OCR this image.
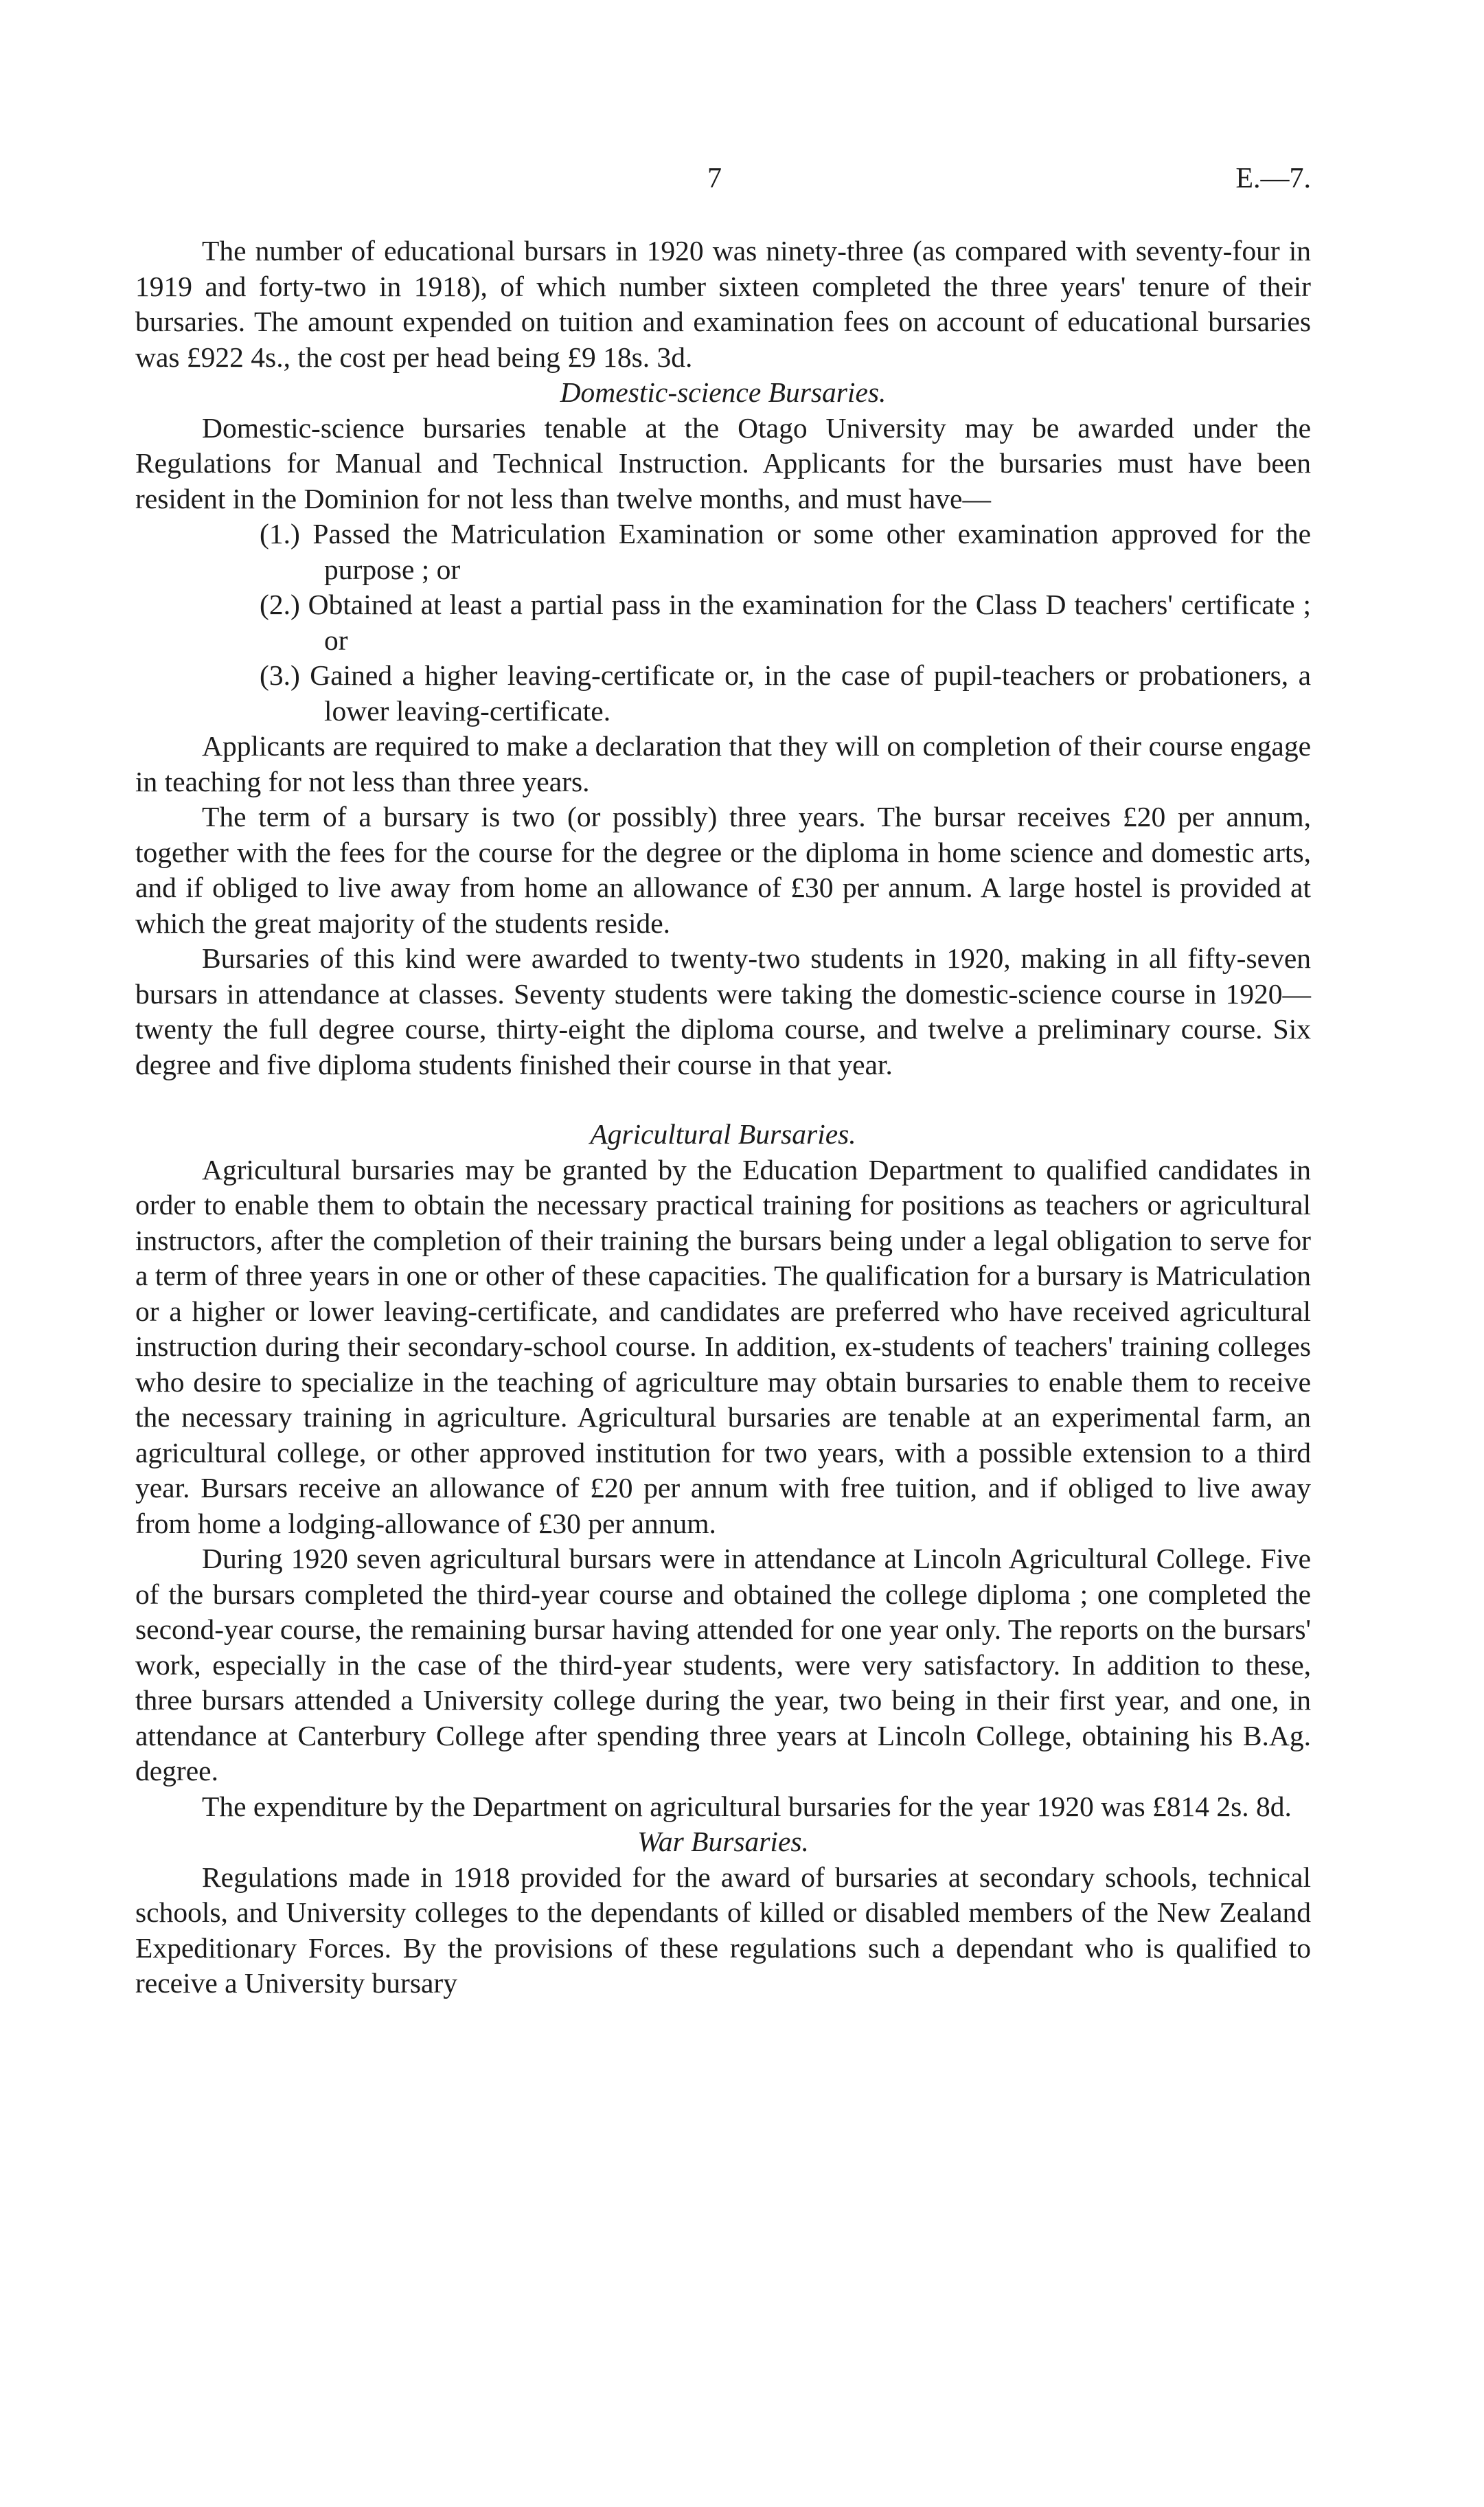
7	E.—7.

The number of educational bursars in 1920 was ninety-three (as compared with seventy-four in 1919 and forty-two in 1918), of which number sixteen completed the three years' tenure of their bursaries. The amount expended on tuition and examination fees on account of educational bursaries was £922 4s., the cost per head being £9 18s. 3d.

Domestic-science Bursaries.

Domestic-science bursaries tenable at the Otago University may be awarded under the Regulations for Manual and Technical Instruction. Applicants for the bursaries must have been resident in the Dominion for not less than twelve months, and must have—

(1.) Passed the Matriculation Examination or some other examination approved for the purpose ; or

(2.) Obtained at least a partial pass in the examination for the Class D teachers' certificate ; or

(3.) Gained a higher leaving-certificate or, in the case of pupil-teachers or probationers, a lower leaving-certificate.

Applicants are required to make a declaration that they will on completion of their course engage in teaching for not less than three years.

The term of a bursary is two (or possibly) three years. The bursar receives £20 per annum, together with the fees for the course for the degree or the diploma in home science and domestic arts, and if obliged to live away from home an allowance of £30 per annum. A large hostel is provided at which the great majority of the students reside.

Bursaries of this kind were awarded to twenty-two students in 1920, making in all fifty-seven bursars in attendance at classes. Seventy students were taking the domestic-science course in 1920—twenty the full degree course, thirty-eight the diploma course, and twelve a preliminary course. Six degree and five diploma students finished their course in that year.

Agricultural Bursaries.

Agricultural bursaries may be granted by the Education Department to qualified candidates in order to enable them to obtain the necessary practical training for positions as teachers or agricultural instructors, after the completion of their training the bursars being under a legal obligation to serve for a term of three years in one or other of these capacities. The qualification for a bursary is Matriculation or a higher or lower leaving-certificate, and candidates are preferred who have received agricultural instruction during their secondary-school course. In addition, ex-students of teachers' training colleges who desire to specialize in the teaching of agriculture may obtain bursaries to enable them to receive the necessary training in agriculture. Agricultural bursaries are tenable at an experimental farm, an agricultural college, or other approved institution for two years, with a possible extension to a third year. Bursars receive an allowance of £20 per annum with free tuition, and if obliged to live away from home a lodging-allowance of £30 per annum.

During 1920 seven agricultural bursars were in attendance at Lincoln Agricultural College. Five of the bursars completed the third-year course and obtained the college diploma ; one completed the second-year course, the remaining bursar having attended for one year only. The reports on the bursars' work, especially in the case of the third-year students, were very satisfactory. In addition to these, three bursars attended a University college during the year, two being in their first year, and one, in attendance at Canterbury College after spending three years at Lincoln College, obtaining his B.Ag. degree.

The expenditure by the Department on agricultural bursaries for the year 1920 was £814 2s. 8d.

War Bursaries.

Regulations made in 1918 provided for the award of bursaries at secondary schools, technical schools, and University colleges to the dependants of killed or disabled members of the New Zealand Expeditionary Forces. By the provisions of these regulations such a dependant who is qualified to receive a University bursary
